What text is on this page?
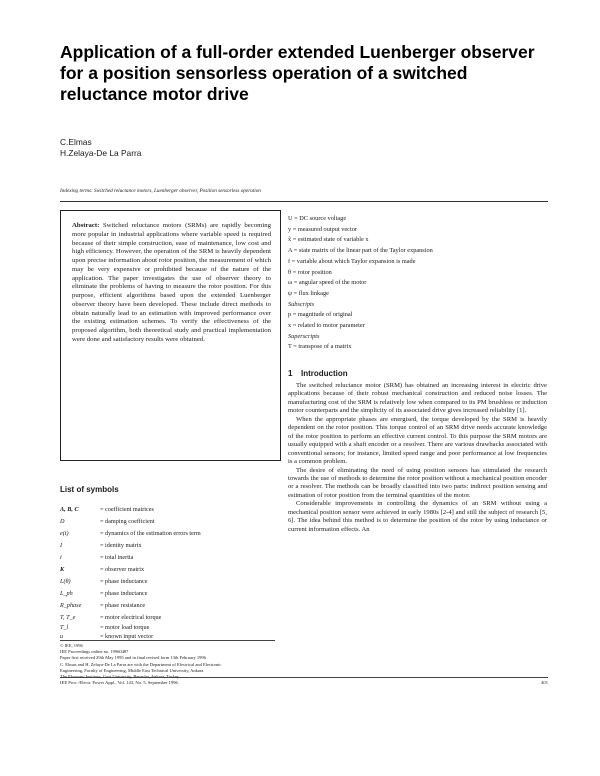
Application of a full-order extended Luenberger observer for a position sensorless operation of a switched reluctance motor drive
C.Elmas
H.Zelaya-De La Parra
Indexing terms: Switched reluctance motors, Luenberger observer, Position sensorless operation
Abstract: Switched reluctance motors (SRMs) are rapidly becoming more popular in industrial applications where variable speed is required because of their simple construction, ease of maintenance, low cost and high efficiency. However, the operation of the SRM is heavily dependent upon precise information about rotor position, the measurement of which may be very expensive or prohibited because of the nature of the application. The paper investigates the use of observer theory to eliminate the problems of having to measure the rotor position. For this purpose, efficient algorithms based upon the extended Luenberger observer theory have been developed. These include direct methods to obtain naturally lead to an estimation with improved performance over the existing estimation schemes. To verify the effectiveness of the proposed algorithm, both theoretical study and practical implementation were done and satisfactory results were obtained.
List of symbols
A, B, C	= coefficient matrices
D	= damping coefficient
e(t)	= dynamics of the estimation errors term
I	= identity matrix
i	= total inertia
K	= observer matrix
L(θ)	= phase inductance
L_ph	= phase inductance
R_phase	= phase resistance
T, T_e	= motor electrical torque
T_l	= motor load torque
u	= known input vector
© IEE, 1996
IEE Proceedings online no. 19960487
Paper first received 29th May 1995 and in final revised form 13th February 1996
C. Elmas and H. Zelaya-De La Parra are with the Department of Electrical and Electronic
Engineering, Faculty of Engineering, Middle East Technical University, Ankara
The Ekonomi Institute, Gazi University, Besevler, Ankara, Turkey
U = DC source voltage
y = measured output vector
x̂ = estimated state of variable x
A = state matrix of the linear part of the Taylor expansion
f = variable about which Taylor expansion is made
θ = rotor position
ω = angular speed of the motor
ψ = flux linkage
Subscripts
p = magnitude of original
x = related to motor parameter
Superscripts
T = transpose of a matrix
1 Introduction

The switched reluctance motor (SRM) has obtained an increasing interest in electric drive applications because of their robust mechanical construction and reduced noise losses. The manufacturing cost of the SRM is relatively low when compared to its PM brushless or induction motor counterparts and the simplicity of its associated drive gives increased reliability [1].

When the appropriate phases are energised, the torque developed by the SRM is heavily dependent on the rotor position. This torque control of an SRM drive needs accurate knowledge of the rotor position to perform an effective current control. To this purpose the SRM motors are usually equipped with a shaft encoder or a resolver. There are various drawbacks associated with conventional sensors; for instance, limited speed range and poor performance at low frequencies is a common problem.

The desire of eliminating the need of using position sensors has stimulated the research towards the use of methods to determine the rotor position without a mechanical position encoder or a resolver. The methods can be broadly classified into two parts: indirect position sensing and estimation of rotor position from the terminal quantities of the motor.

Considerable improvements in controlling the dynamics of an SRM without using a mechanical position sensor were achieved in early 1980s [2-4] and still the subject of research [5, 6]. The idea behind this method is to determine the position of the rotor by using inductance or current information effects. An

IEE Proc.-Electr. Power Appl., Vol. 143, No. 5, September 1996	401
